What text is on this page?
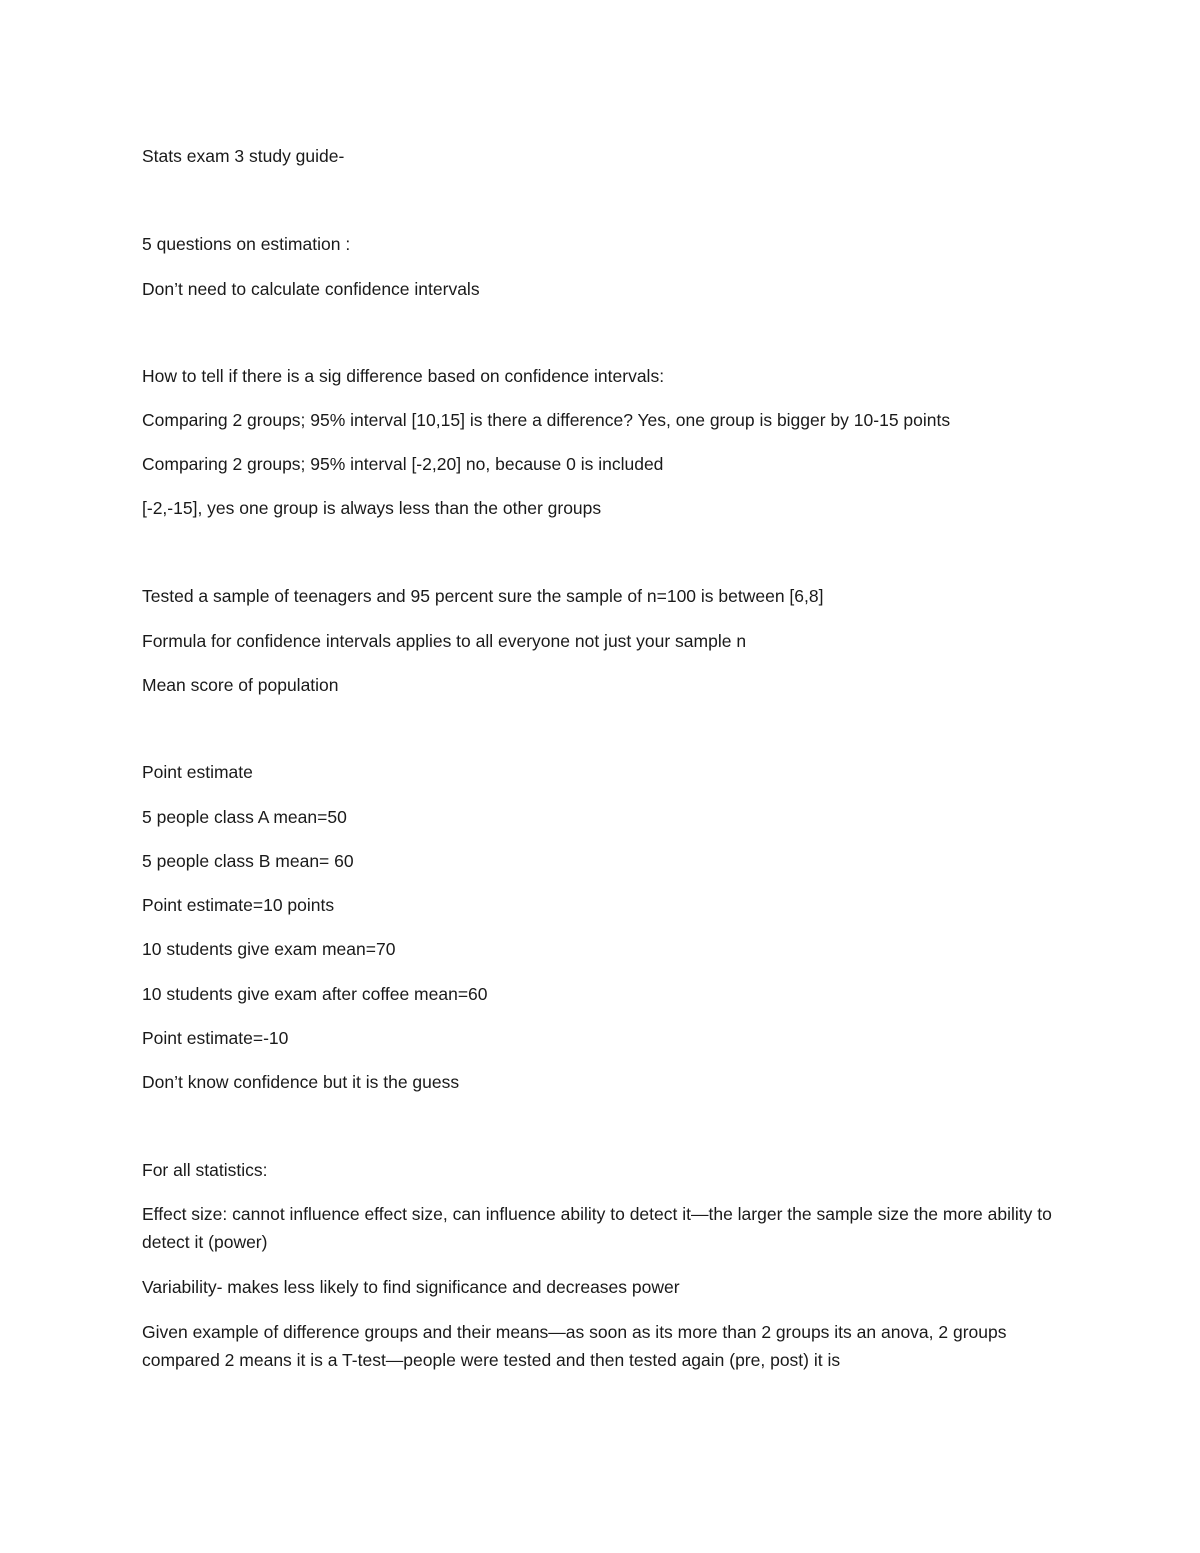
Stats exam 3 study guide-
5 questions on estimation :
Don’t need to calculate confidence intervals
How to tell if there is a sig difference based on confidence intervals:
Comparing 2 groups; 95% interval [10,15] is there a difference? Yes, one group is bigger by 10-15 points
Comparing 2 groups; 95% interval [-2,20] no, because 0 is included
[-2,-15], yes one group is always less than the other groups
Tested a sample of teenagers and 95 percent sure the sample of n=100 is between [6,8]
Formula for confidence intervals applies to all everyone not just your sample n
Mean score of population
Point estimate
5 people class A mean=50
5 people class B mean= 60
Point estimate=10 points
10 students give exam mean=70
10 students give exam after coffee mean=60
Point estimate=-10
Don’t know confidence but it is the guess
For all statistics:
Effect size: cannot influence effect size, can influence ability to detect it—the larger the sample size the more ability to detect it (power)
Variability- makes less likely to find significance and decreases power
Given example of difference groups and their means—as soon as its more than 2 groups its an anova, 2 groups compared 2 means it is a T-test—people were tested and then tested again (pre, post) it is
